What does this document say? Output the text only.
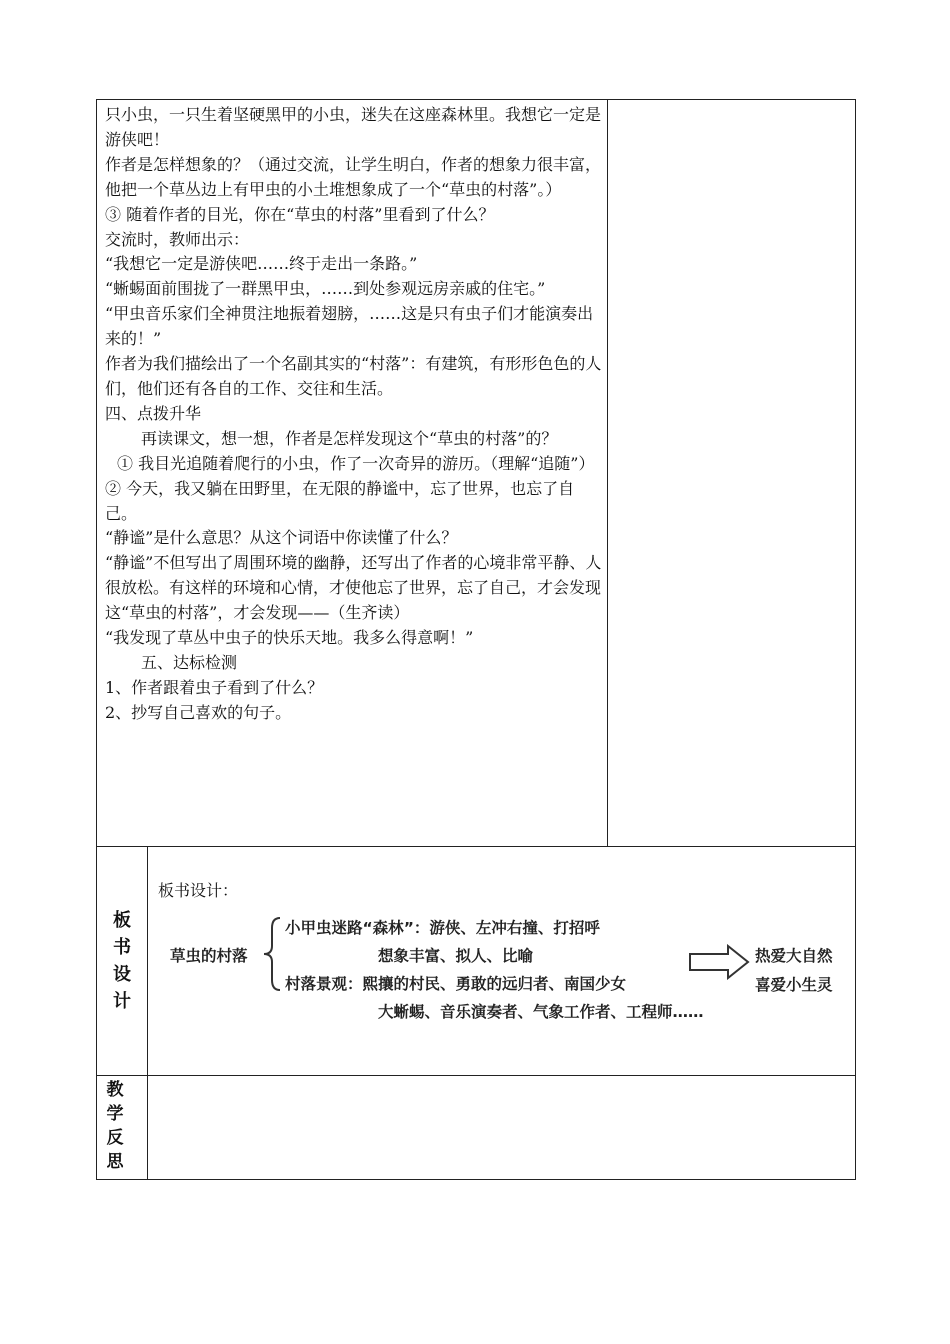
只小虫，一只生着坚硬黑甲的小虫，迷失在这座森林里。我想它一定是游侠吧！

作者是怎样想象的？（通过交流，让学生明白，作者的想象力很丰富，他把一个草丛边上有甲虫的小土堆想象成了一个“草虫的村落”。）

③ 随着作者的目光，你在“草虫的村落”里看到了什么？

交流时，教师出示：

“我想它一定是游侠吧……终于走出一条路。”

“蜥蜴面前围拢了一群黑甲虫，……到处参观远房亲戚的住宅。”

“甲虫音乐家们全神贯注地振着翅膀，……这是只有虫子们才能演奏出来的！”

作者为我们描绘出了一个名副其实的“村落”：有建筑，有形形色色的人们，他们还有各自的工作、交往和生活。

四、点拨升华

再读课文，想一想，作者是怎样发现这个“草虫的村落”的？

① 我目光追随着爬行的小虫，作了一次奇异的游历。（理解“追随”）

② 今天，我又躺在田野里，在无限的静谧中，忘了世界，也忘了自己。

“静谧”是什么意思？从这个词语中你读懂了什么？

“静谧”不但写出了周围环境的幽静，还写出了作者的心境非常平静、人很放松。有这样的环境和心情，才使他忘了世界，忘了自己，才会发现这“草虫的村落”，才会发现——（生齐读）

“我发现了草丛中虫子的快乐天地。我多么得意啊！”

五、达标检测

1、作者跟着虫子看到了什么？

2、抄写自己喜欢的句子。

板
书
设
计
板书设计：
草虫的村落
小甲虫迷路“森林”：游侠、左冲右撞、打招呼
想象丰富、拟人、比喻
村落景观：熙攘的村民、勇敢的远归者、南国少女
大蜥蜴、音乐演奏者、气象工作者、工程师……
热爱大自然
喜爱小生灵
教
学
反
思
